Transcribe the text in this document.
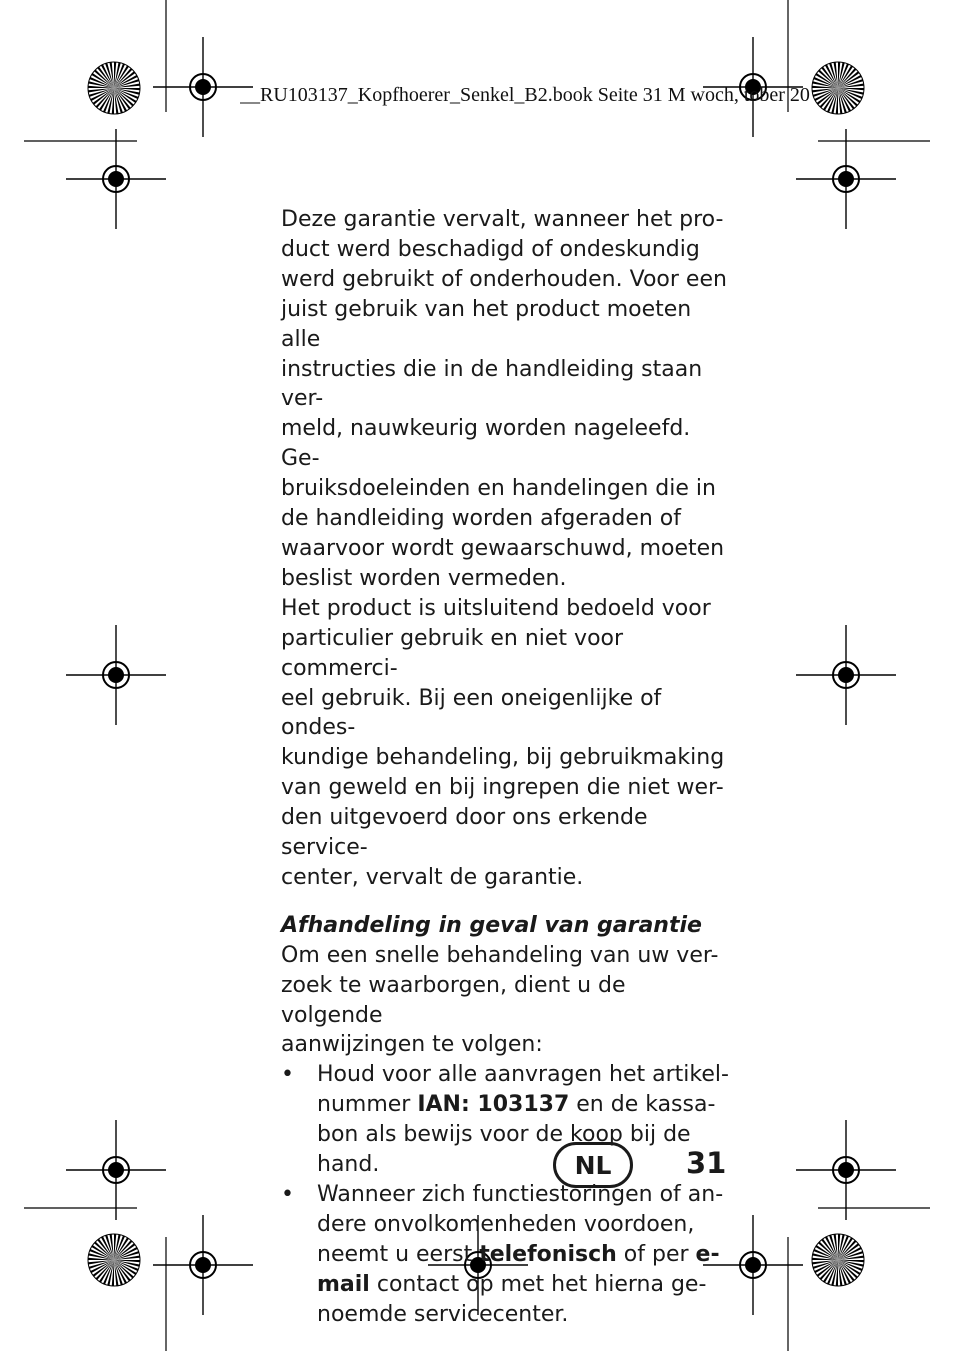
__RU103137_Kopfhoerer_Senkel_B2.book Seite 31 M woch, tober 20

Deze garantie vervalt, wanneer het pro-
duct werd beschadigd of ondeskundig
werd gebruikt of onderhouden. Voor een
juist gebruik van het product moeten alle
instructies die in de handleiding staan ver-
meld, nauwkeurig worden nageleefd. Ge-
bruiksdoeleinden en handelingen die in
de handleiding worden afgeraden of
waarvoor wordt gewaarschuwd, moeten
beslist worden vermeden.

Het product is uitsluitend bedoeld voor
particulier gebruik en niet voor commerci-
eel gebruik. Bij een oneigenlijke of ondes-
kundige behandeling, bij gebruikmaking
van geweld en bij ingrepen die niet wer-
den uitgevoerd door ons erkende service-
center, vervalt de garantie.

Afhandeling in geval van garantie

Om een snelle behandeling van uw ver-
zoek te waarborgen, dient u de volgende
aanwijzingen te volgen:

• Houd voor alle aanvragen het artikel-
nummer IAN: 103137 en de kassa-
bon als bewijs voor de koop bij de
hand.
• Wanneer zich functiestoringen of an-
dere onvolkomenheden voordoen,
neemt u eerst telefonisch of per e-
mail contact op met het hierna ge-
noemde servicecenter.
NL	31
